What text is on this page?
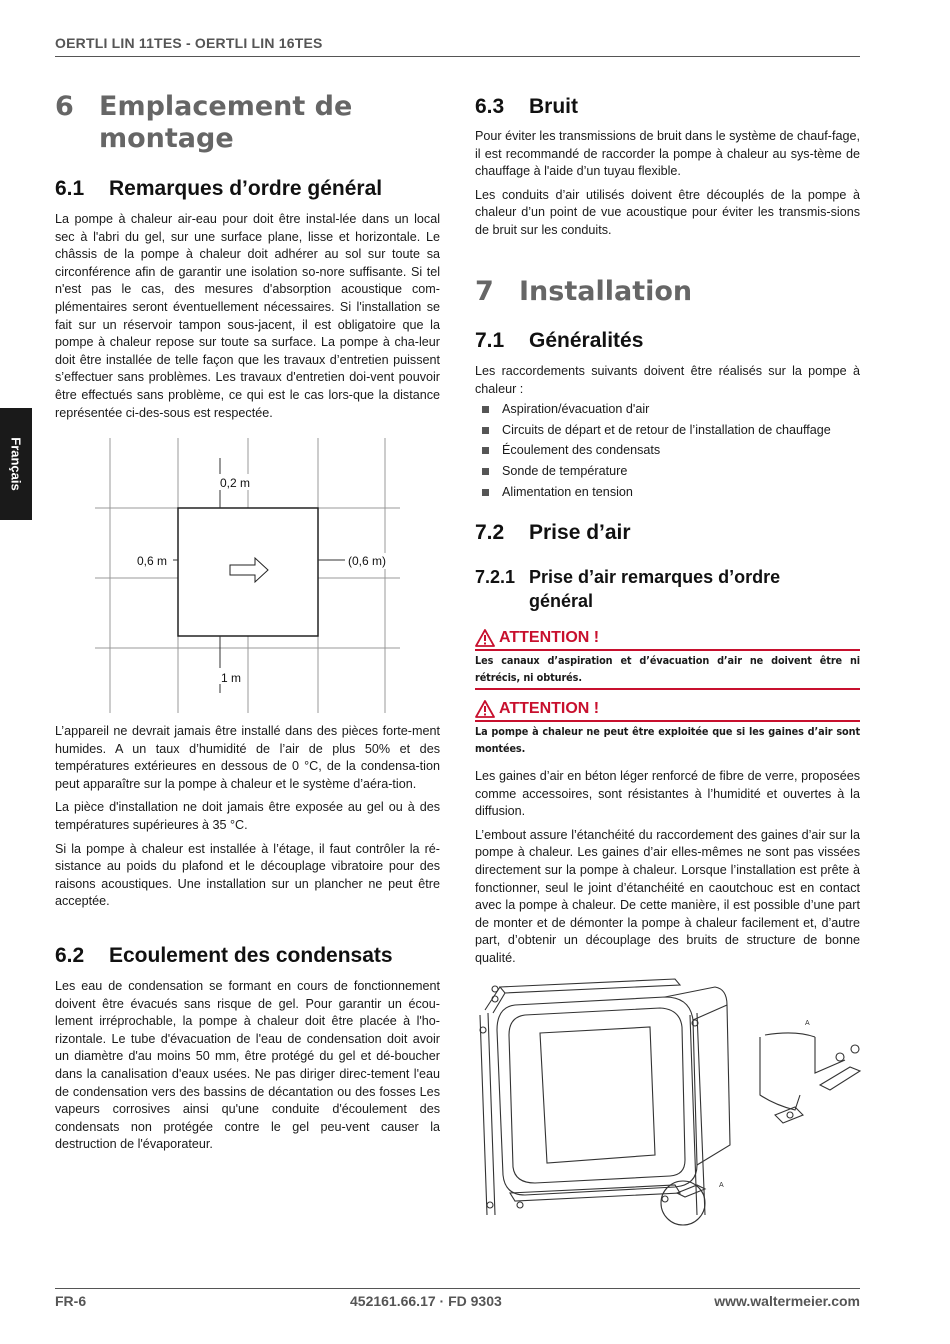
OERTLI LIN 11TES - OERTLI LIN 16TES
Français
6 Emplacement de montage
6.1	Remarques d’ordre général

La pompe à chaleur air-eau pour doit être instal-lée dans un local sec à l'abri du gel, sur une surface plane, lisse et horizontale. Le châssis de la pompe à chaleur doit adhérer au sol sur toute sa circonférence afin de garantir une isolation so-nore suffisante. Si tel n'est pas le cas, des mesures d'absorption acoustique com-plémentaires seront éventuellement nécessaires. Si l'installation se fait sur un réservoir tampon sous-jacent, il est obligatoire que la pompe à chaleur repose sur toute sa surface. La pompe à cha-leur doit être installée de telle façon que les travaux d’entretien puissent s’effectuer sans problèmes. Les travaux d'entretien doi-vent pouvoir être effectués sans problème, ce qui est le cas lors-que la distance représentée ci-des-sous est respectée.

0,2 m
0,6 m	(0,6 m)
1 m

L’appareil ne devrait jamais être installé dans des pièces forte-ment humides. A un taux d’humidité de l’air de plus 50% et des températures extérieures en dessous de 0 °C, de la condensa-tion peut apparaître sur la pompe à chaleur et le système d’aéra-tion.

La pièce d'installation ne doit jamais être exposée au gel ou à des températures supérieures à 35 °C.

Si la pompe à chaleur est installée à l’étage, il faut contrôler la ré-sistance au poids du plafond et le découplage vibratoire pour des raisons acoustiques. Une installation sur un plancher ne peut être acceptée.

6.2	Ecoulement des condensats

Les eau de condensation se formant en cours de fonctionnement doivent être évacués sans risque de gel. Pour garantir un écou-lement irréprochable, la pompe à chaleur doit être placée à l'ho-rizontale. Le tube d'évacuation de l'eau de condensation doit avoir un diamètre d'au moins 50 mm, être protégé du gel et dé-boucher dans la canalisation d'eaux usées. Ne pas diriger direc-tement l'eau de condensation vers des bassins de décantation ou des fosses Les vapeurs corrosives ainsi qu'une conduite d'écoulement des condensats non protégée contre le gel peu-vent causer la destruction de l'évaporateur.

6.3	Bruit

Pour éviter les transmissions de bruit dans le système de chauf-fage, il est recommandé de raccorder la pompe à chaleur au sys-tème de chauffage à l'aide d’un tuyau flexible.

Les conduits d’air utilisés doivent être découplés de la pompe à chaleur d’un point de vue acoustique pour éviter les transmis-sions de bruit sur les conduits.

7 Installation
7.1	Généralités

Les raccordements suivants doivent être réalisés sur la pompe à chaleur :

Aspiration/évacuation d'air
Circuits de départ et de retour de l’installation de chauffage
Écoulement des condensats
Sonde de température
Alimentation en tension
7.2	Prise d’air
7.2.1 Prise d’air remarques d’ordre général
ATTENTION !
Les canaux d’aspiration et d’évacuation d’air ne doivent être ni rétrécis, ni obturés.
ATTENTION !
La pompe à chaleur ne peut être exploitée que si les gaines d’air sont montées.

Les gaines d’air en béton léger renforcé de fibre de verre, proposées comme accessoires, sont résistantes à l’humidité et ouvertes à la diffusion.

L’embout assure l’étanchéité du raccordement des gaines d’air sur la pompe à chaleur. Les gaines d’air elles-mêmes ne sont pas vissées directement sur la pompe à chaleur. Lorsque l’installation est prête à fonctionner, seul le joint d’étanchéité en caoutchouc est en contact avec la pompe à chaleur. De cette manière, il est possible d’une part de monter et de démonter la pompe à chaleur facilement et, d’autre part, d’obtenir un découplage des bruits de structure de bonne qualité.

A
A
FR-6	452161.66.17 · FD 9303	www.waltermeier.com
